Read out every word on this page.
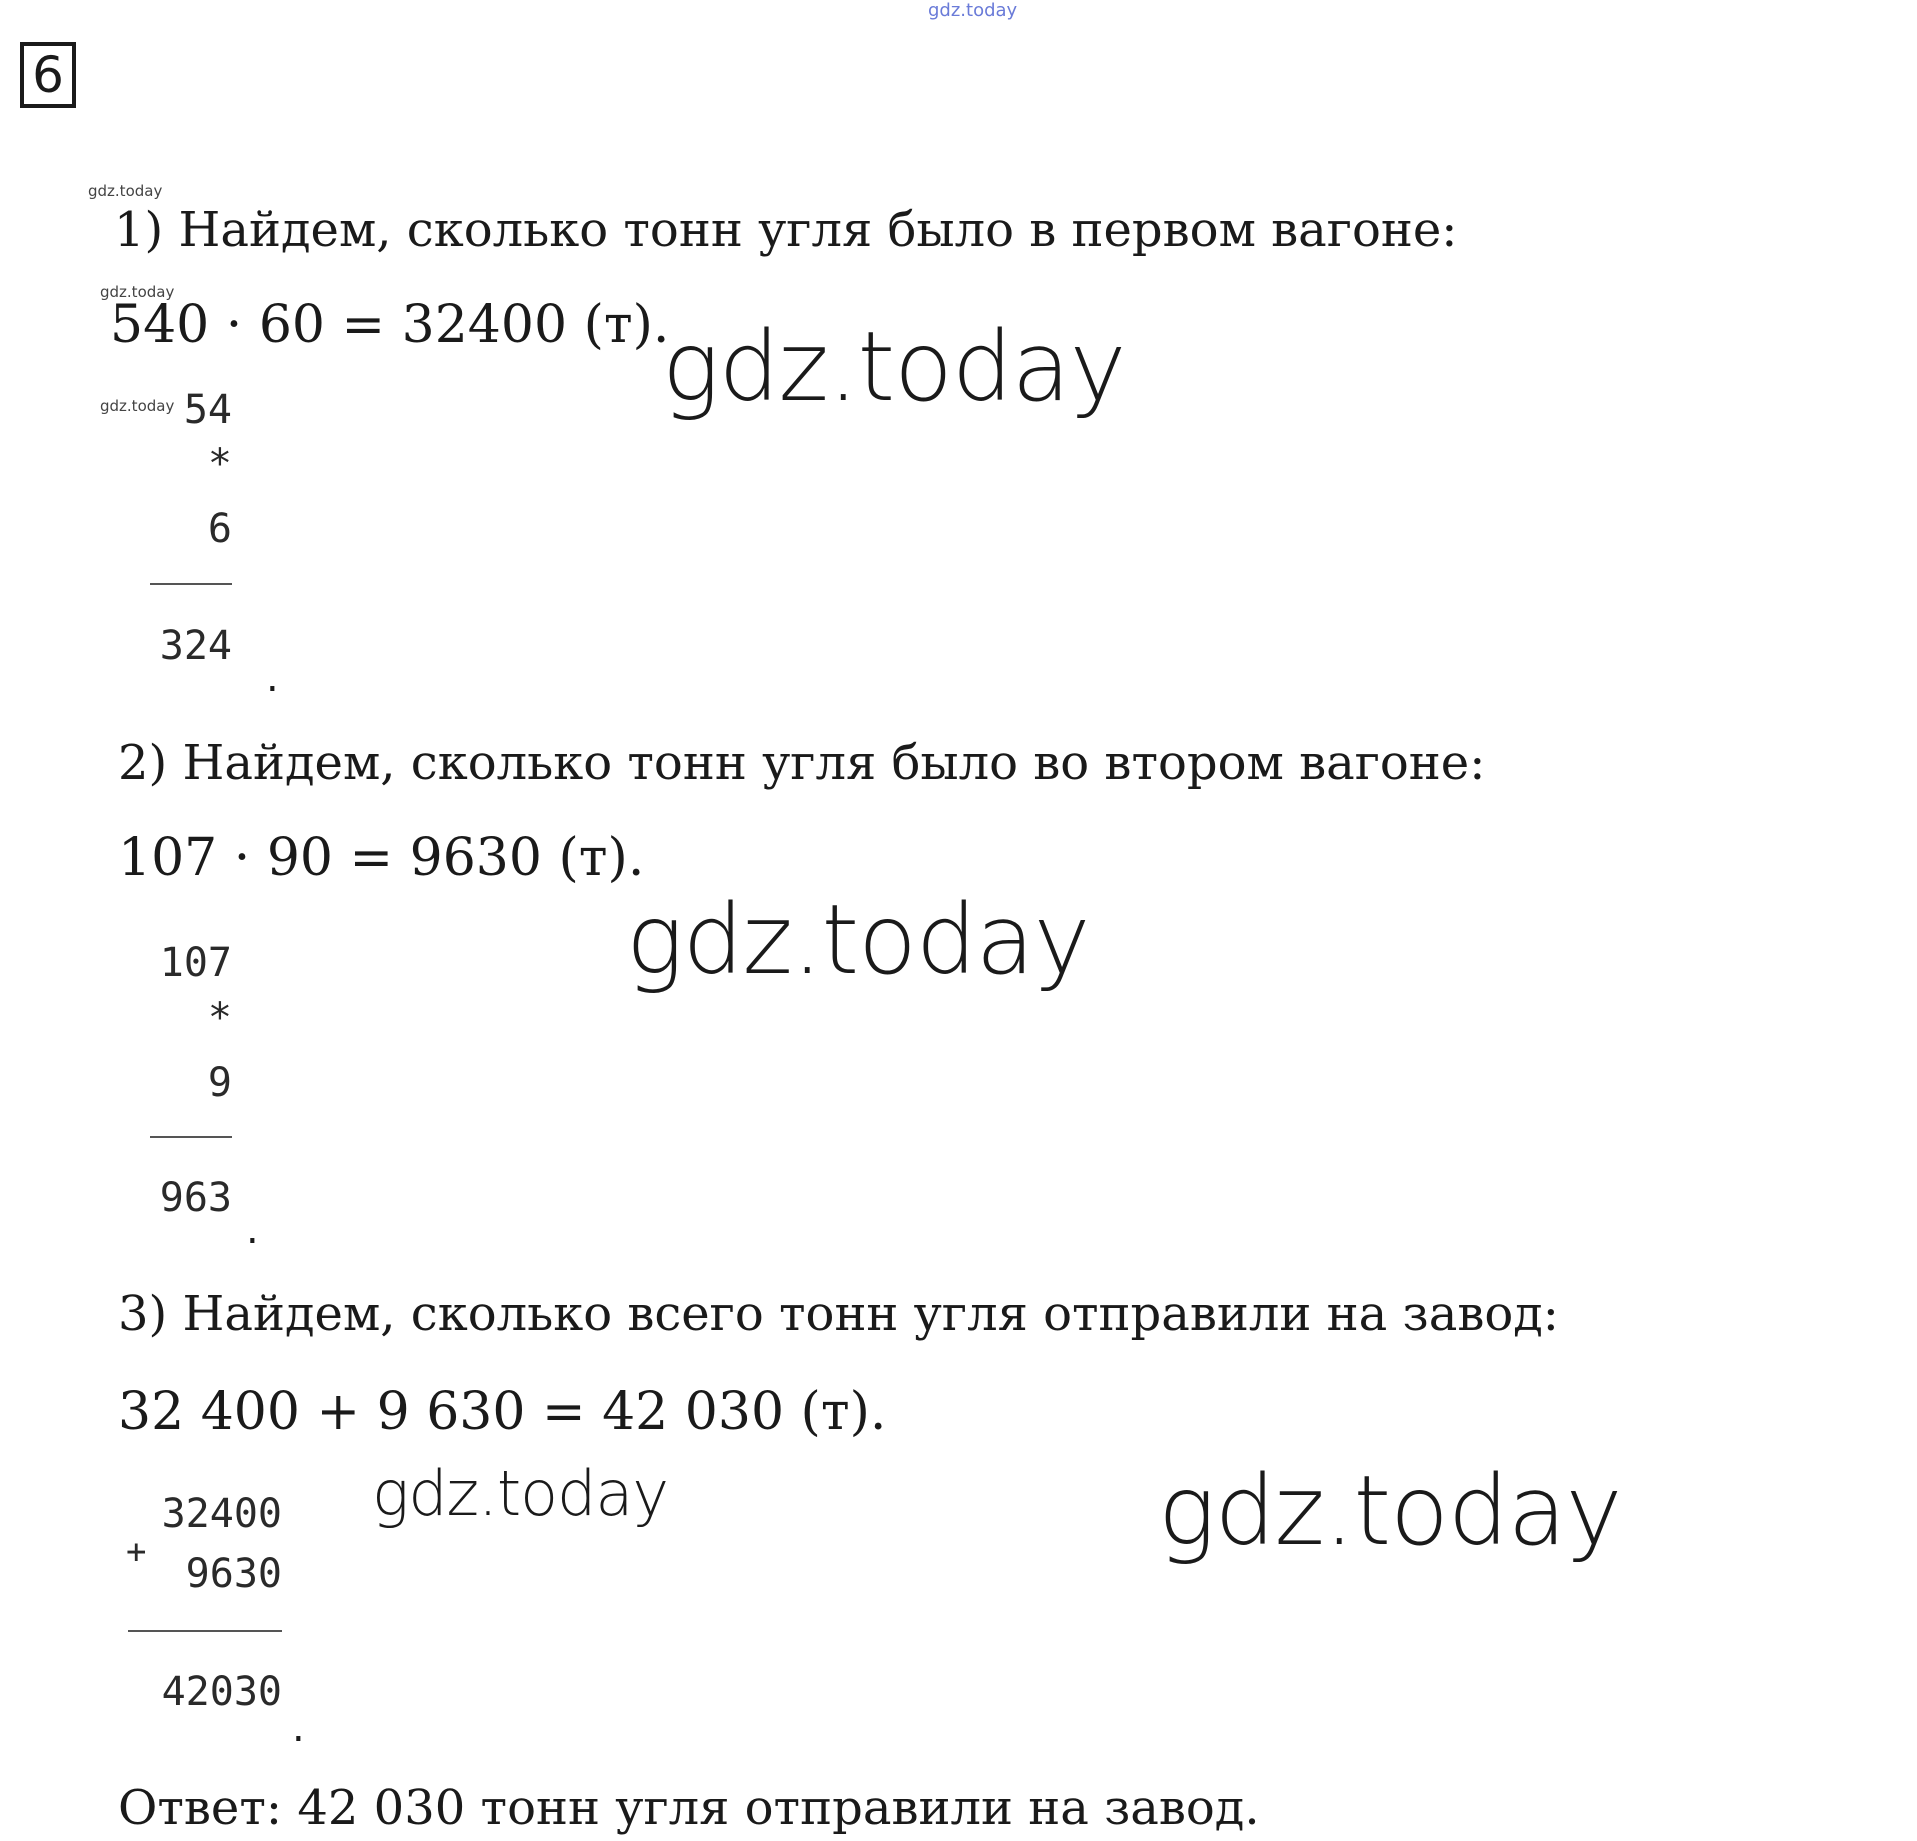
gdz.today
6
gdz.today
gdz.today
gdz.today
1) Найдем, сколько тонн угля было в первом вагоне:
540 · 60 = 32400 (т).
54
*
6
324
.
gdz.today
2) Найдем, сколько тонн угля было во втором вагоне:
107 · 90 = 9630 (т).
107
*
9
963
.
gdz.today
3) Найдем, сколько всего тонн угля отправили на завод:
32 400 + 9 630 = 42 030 (т).
32400
+ 9630
42030
.
gdz.today	gdz.today
Ответ: 42 030 тонн угля отправили на завод.
